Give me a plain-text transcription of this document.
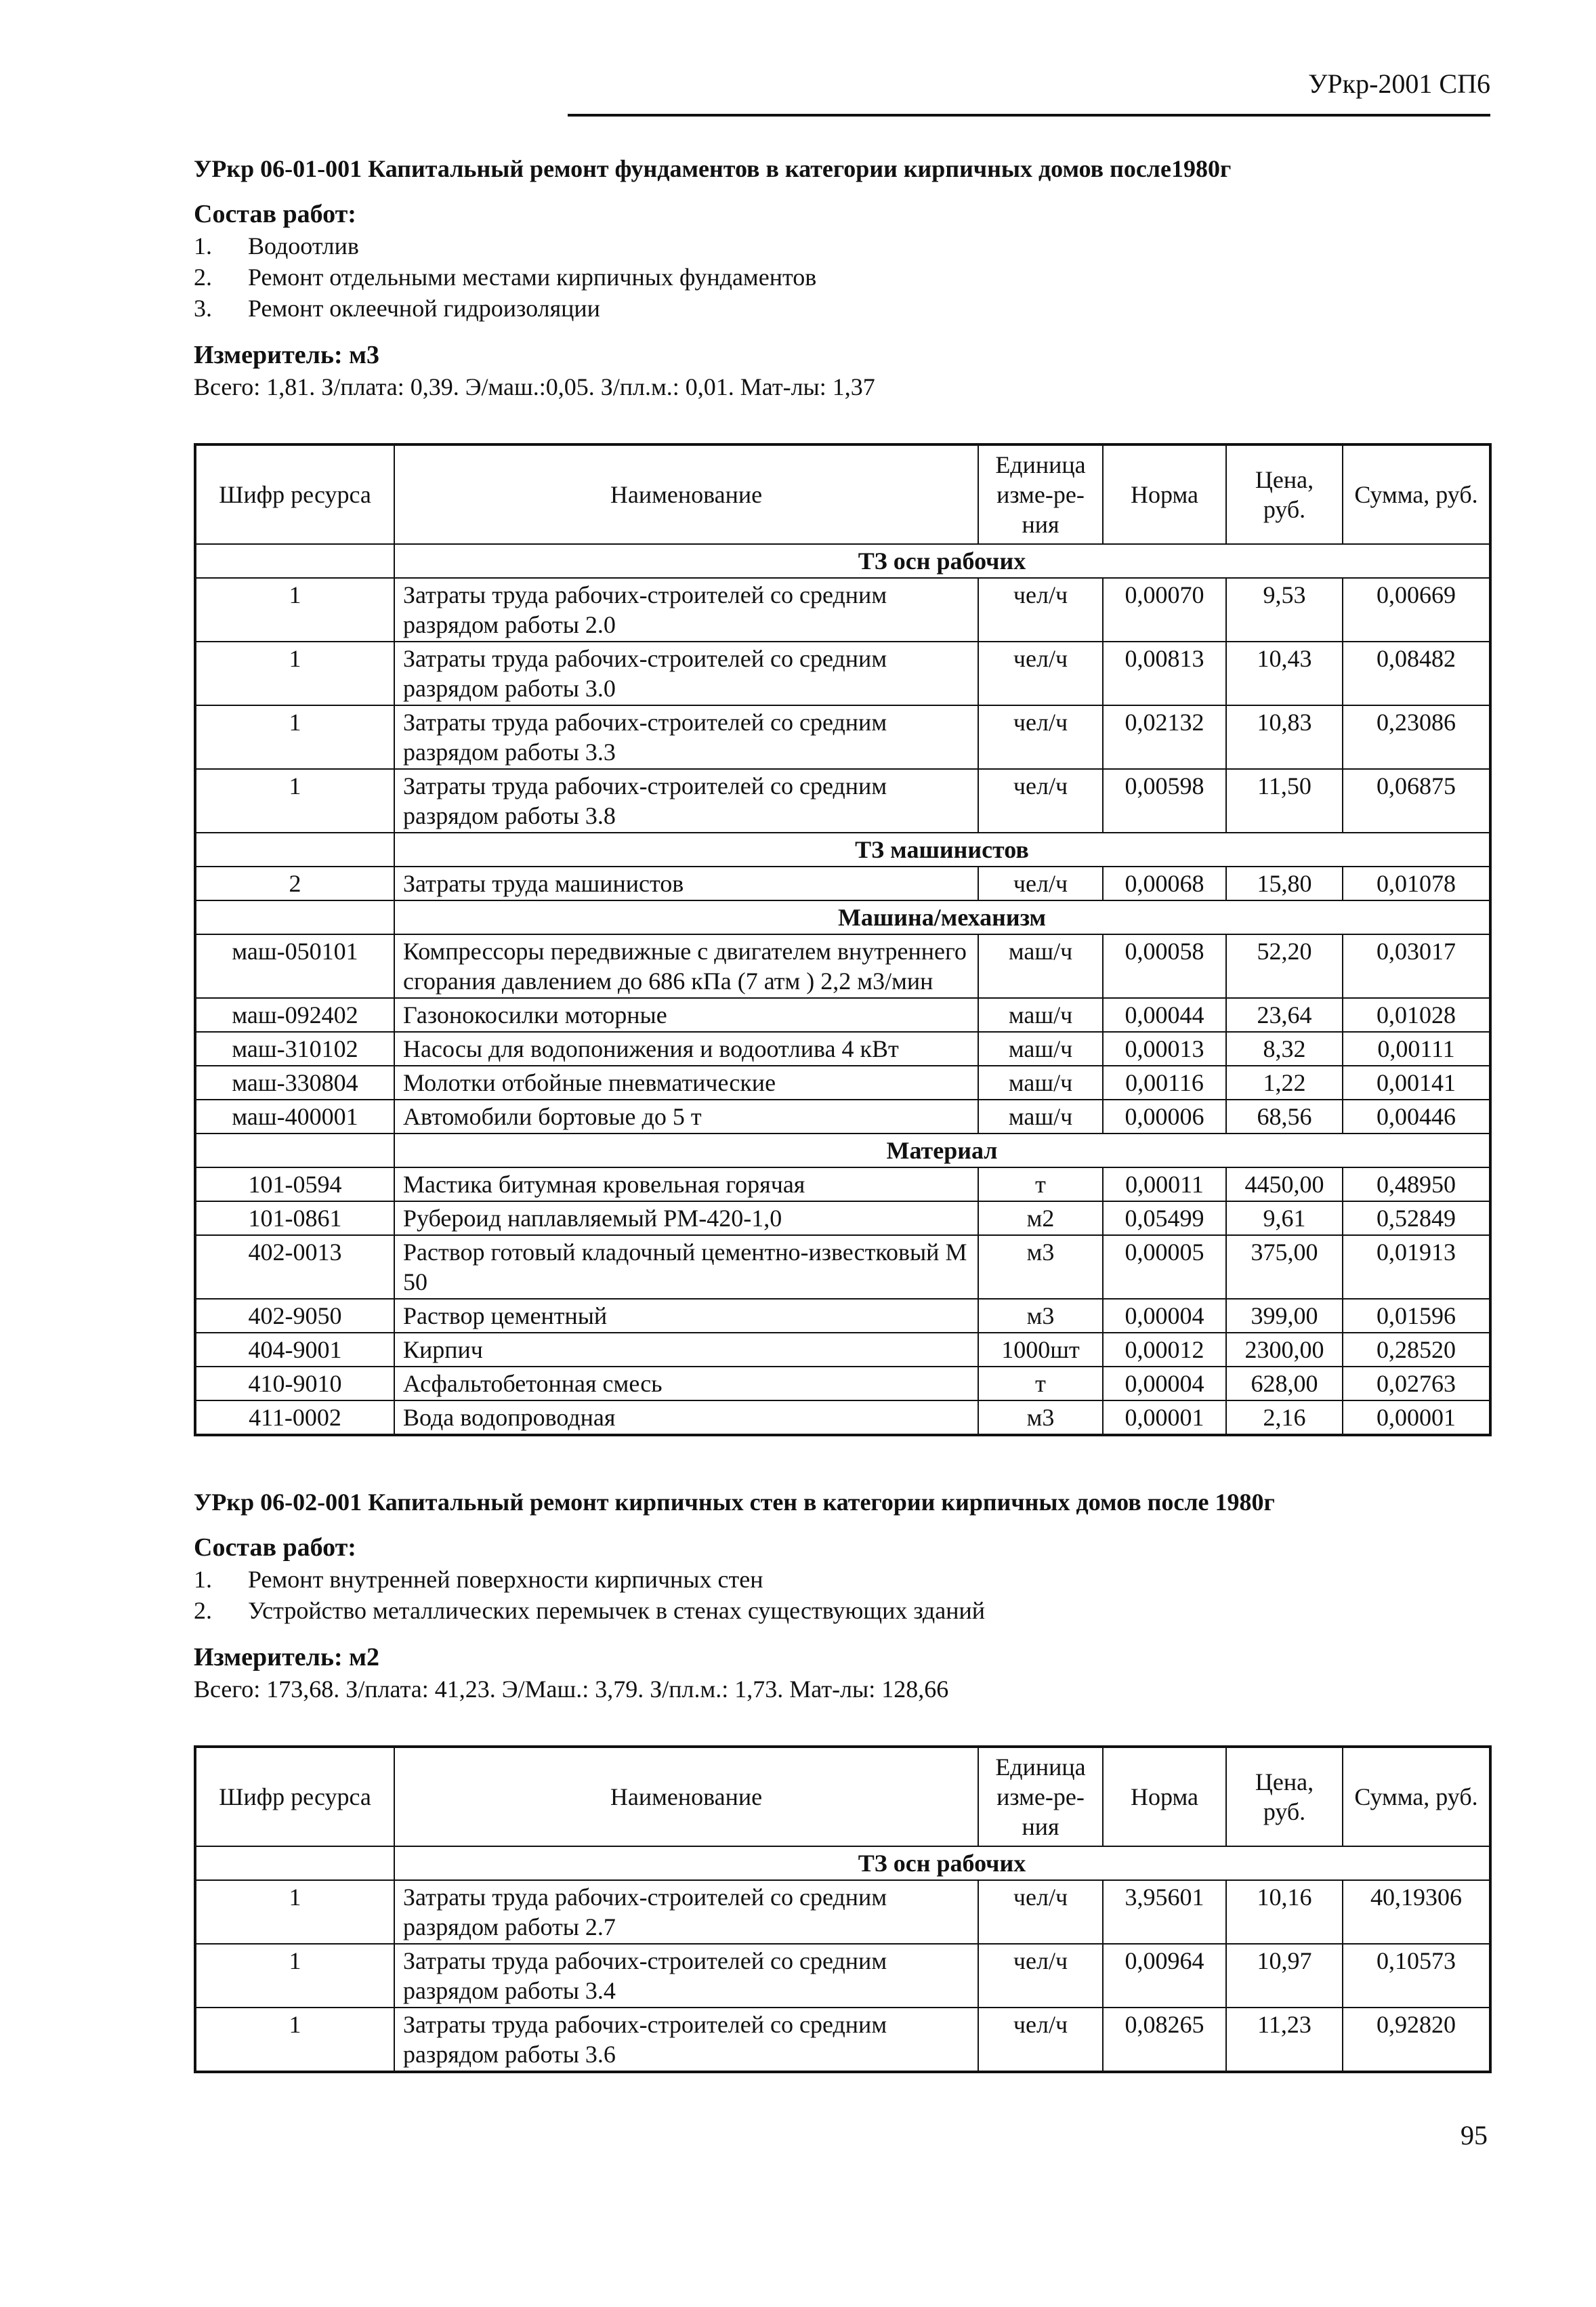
УРкр-2001 СП6
УРкр 06-01-001 Капитальный ремонт фундаментов в категории кирпичных домов после1980г

Состав работ:

1. Водоотлив
2. Ремонт отдельными местами кирпичных фундаментов
3. Ремонт оклеечной гидроизоляции

Измеритель: м3

Всего: 1,81. З/плата: 0,39. Э/маш.:0,05. З/пл.м.: 0,01. Мат-лы: 1,37

Шифр ресурса	Наименование	Единица изме-ре-ния	Норма	Цена, руб.	Сумма, руб.
	ТЗ осн рабочих				
1	Затраты труда рабочих-строителей со средним разрядом работы 2.0	чел/ч	0,00070	9,53	0,00669
1	Затраты труда рабочих-строителей со средним разрядом работы 3.0	чел/ч	0,00813	10,43	0,08482
1	Затраты труда рабочих-строителей со средним разрядом работы 3.3	чел/ч	0,02132	10,83	0,23086
1	Затраты труда рабочих-строителей со средним разрядом работы 3.8	чел/ч	0,00598	11,50	0,06875
	ТЗ машинистов				
2	Затраты труда машинистов	чел/ч	0,00068	15,80	0,01078
	Машина/механизм				
маш-050101	Компрессоры передвижные с двигателем внутреннего сгорания давлением до 686 кПа (7 атм ) 2,2 м3/мин	маш/ч	0,00058	52,20	0,03017
маш-092402	Газонокосилки моторные	маш/ч	0,00044	23,64	0,01028
маш-310102	Насосы для водопонижения и водоотлива 4 кВт	маш/ч	0,00013	8,32	0,00111
маш-330804	Молотки отбойные пневматические	маш/ч	0,00116	1,22	0,00141
маш-400001	Автомобили бортовые до 5 т	маш/ч	0,00006	68,56	0,00446
	Материал				
101-0594	Мастика битумная кровельная горячая	т	0,00011	4450,00	0,48950
101-0861	Рубероид наплавляемый РМ-420-1,0	м2	0,05499	9,61	0,52849
402-0013	Раствор готовый кладочный цементно-известковый М 50	м3	0,00005	375,00	0,01913
402-9050	Раствор цементный	м3	0,00004	399,00	0,01596
404-9001	Кирпич	1000шт	0,00012	2300,00	0,28520
410-9010	Асфальтобетонная смесь	т	0,00004	628,00	0,02763
411-0002	Вода водопроводная	м3	0,00001	2,16	0,00001
УРкр 06-02-001 Капитальный ремонт кирпичных стен в категории кирпичных домов после 1980г

Состав работ:

1. Ремонт внутренней поверхности кирпичных стен
2. Устройство металлических перемычек в стенах существующих зданий

Измеритель: м2

Всего: 173,68. З/плата: 41,23. Э/Маш.: 3,79. З/пл.м.: 1,73. Мат-лы: 128,66

Шифр ресурса	Наименование	Единица изме-ре-ния	Норма	Цена, руб.	Сумма, руб.
	ТЗ осн рабочих				
1	Затраты труда рабочих-строителей со средним разрядом работы 2.7	чел/ч	3,95601	10,16	40,19306
1	Затраты труда рабочих-строителей со средним разрядом работы 3.4	чел/ч	0,00964	10,97	0,10573
1	Затраты труда рабочих-строителей со средним разрядом работы 3.6	чел/ч	0,08265	11,23	0,92820
95
